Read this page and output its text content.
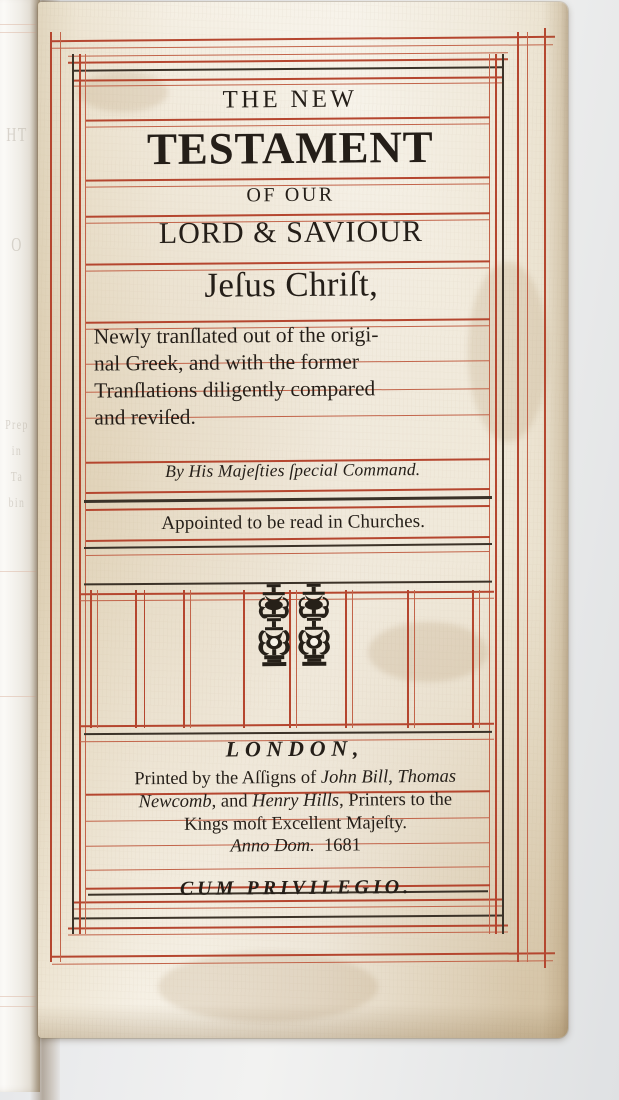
HT
O
Prep
in
Ta
bin
THE NEW
TESTAMENT
OF OUR
LORD & SAVIOUR
Jeſus Chriſt,
Newly tranſlated out of the origi-
nal Greek, and with the former
Tranſlations diligently compared
and reviſed.
By His Majeſties ſpecial Command.
Appointed to be read in Churches.

LONDON,
Printed by the Aſſigns of John Bill, Thomas
Newcomb, and Henry Hills, Printers to the
Kings moſt Excellent Majeſty.
Anno Dom. 1681
CUM PRIVILEGIO.
